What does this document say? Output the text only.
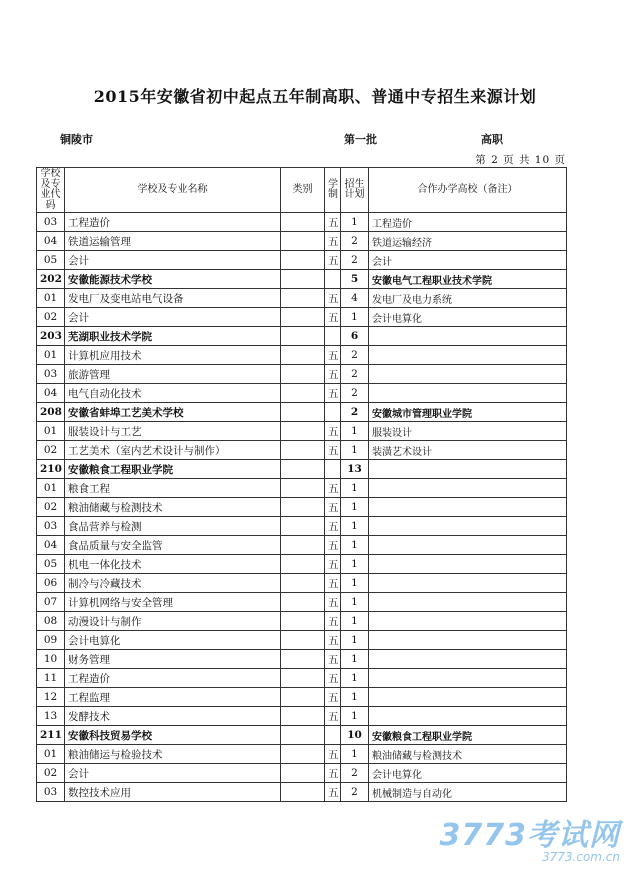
2015年安徽省初中起点五年制高职、普通中专招生来源计划
铜陵市	第一批	高职
第 2 页 共 10 页
学校及专业代码	学校及专业名称	类别	学制	招生计划	合作办学高校（备注）
03	工程造价		五	1	工程造价
04	铁道运输管理		五	2	铁道运输经济
05	会计		五	2	会计
202	安徽能源技术学校			5	安徽电气工程职业技术学院
01	发电厂及变电站电气设备		五	4	发电厂及电力系统
02	会计		五	1	会计电算化
203	芜湖职业技术学院			6	
01	计算机应用技术		五	2	
03	旅游管理		五	2	
04	电气自动化技术		五	2	
208	安徽省蚌埠工艺美术学校			2	安徽城市管理职业学院
01	服装设计与工艺		五	1	服装设计
02	工艺美术（室内艺术设计与制作）		五	1	装潢艺术设计
210	安徽粮食工程职业学院			13	
01	粮食工程		五	1	
02	粮油储藏与检测技术		五	1	
03	食品营养与检测		五	1	
04	食品质量与安全监管		五	1	
05	机电一体化技术		五	1	
06	制冷与冷藏技术		五	1	
07	计算机网络与安全管理		五	1	
08	动漫设计与制作		五	1	
09	会计电算化		五	1	
10	财务管理		五	1	
11	工程造价		五	1	
12	工程监理		五	1	
13	发酵技术		五	1	
211	安徽科技贸易学校			10	安徽粮食工程职业学院
01	粮油储运与检验技术		五	1	粮油储藏与检测技术
02	会计		五	2	会计电算化
03	数控技术应用		五	2	机械制造与自动化
3773考试网
3773.com.cn
